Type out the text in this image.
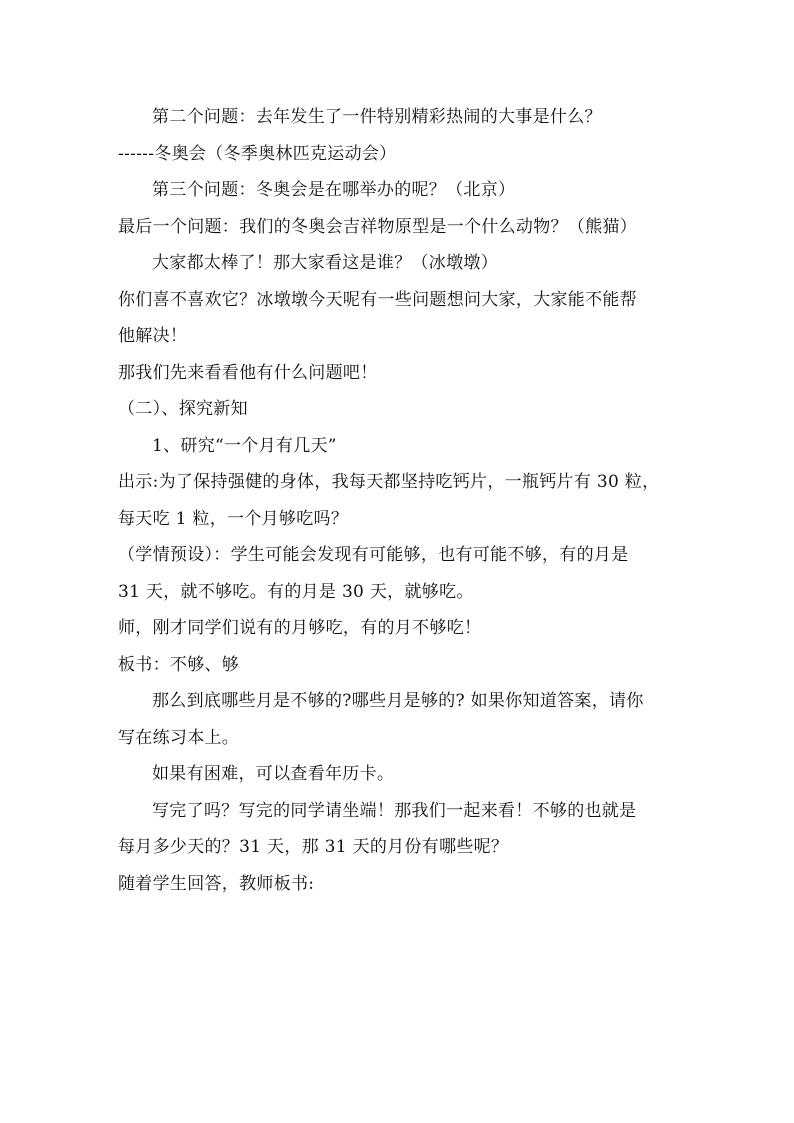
第二个问题：去年发生了一件特别精彩热闹的大事是什么？
------冬奥会（冬季奥林匹克运动会）
第三个问题：冬奥会是在哪举办的呢？（北京）
最后一个问题：我们的冬奥会吉祥物原型是一个什么动物？（熊猫）
大家都太棒了！那大家看这是谁？（冰墩墩）
你们喜不喜欢它？冰墩墩今天呢有一些问题想问大家，大家能不能帮
他解决！
那我们先来看看他有什么问题吧！
（二）、探究新知
1、研究“一个月有几天”
出示:为了保持强健的身体，我每天都坚持吃钙片，一瓶钙片有 30 粒，
每天吃 1 粒，一个月够吃吗？
（学情预设）：学生可能会发现有可能够，也有可能不够，有的月是
31 天，就不够吃。有的月是 30 天，就够吃。
师，刚才同学们说有的月够吃，有的月不够吃！
板书：不够、够
那么到底哪些月是不够的?哪些月是够的? 如果你知道答案，请你
写在练习本上。
如果有困难，可以查看年历卡。
写完了吗？写完的同学请坐端！那我们一起来看！不够的也就是
每月多少天的？31 天，那 31 天的月份有哪些呢？
随着学生回答，教师板书:
